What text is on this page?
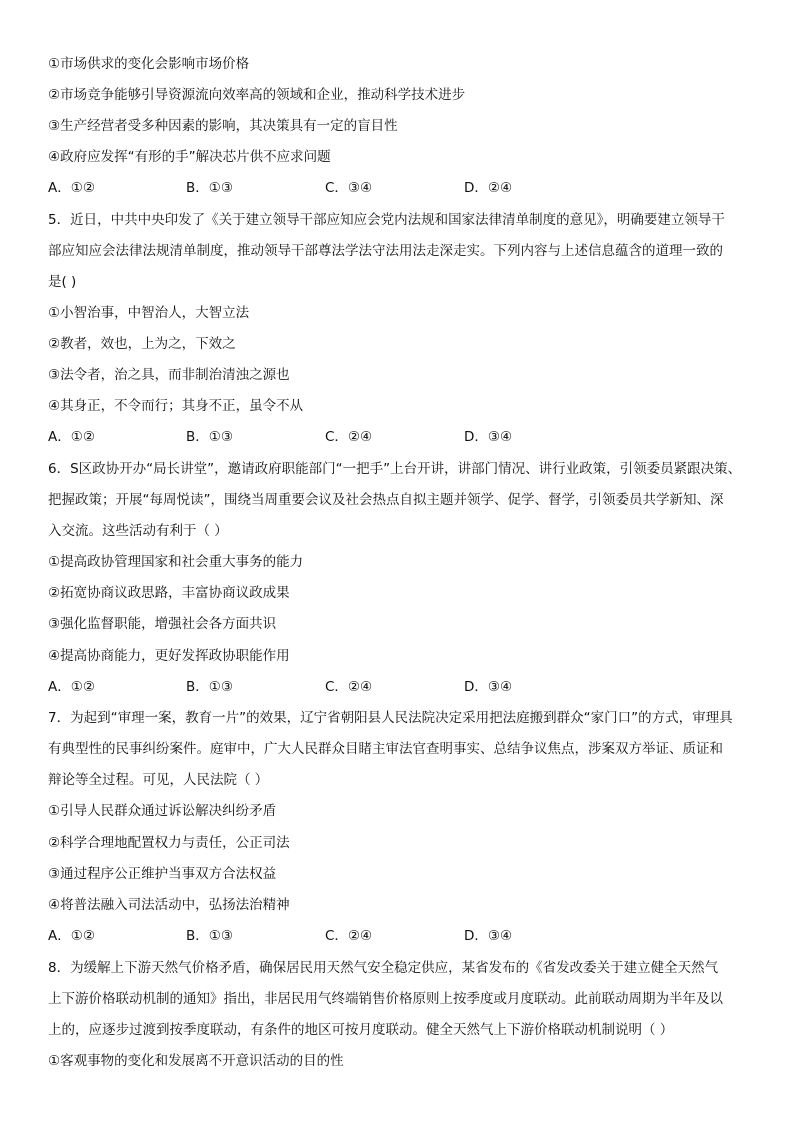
①市场供求的变化会影响市场价格
②市场竞争能够引导资源流向效率高的领域和企业，推动科学技术进步
③生产经营者受多种因素的影响，其决策具有一定的盲目性
④政府应发挥“有形的手”解决芯片供不应求问题
A．①②	B．①③	C．③④	D．②④
5．近日，中共中央印发了《关于建立领导干部应知应会党内法规和国家法律清单制度的意见》，明确要建立领导干
部应知应会法律法规清单制度，推动领导干部尊法学法守法用法走深走实。下列内容与上述信息蕴含的道理一致的
是( )
①小智治事，中智治人，大智立法
②教者，效也，上为之，下效之
③法令者，治之具，而非制治清浊之源也
④其身正，不令而行；其身不正，虽令不从
A．①②	B．①③	C．②④	D．③④
6．S区政协开办“局长讲堂”，邀请政府职能部门“一把手”上台开讲，讲部门情况、讲行业政策，引领委员紧跟决策、
把握政策；开展“每周悦读”，围绕当周重要会议及社会热点自拟主题并领学、促学、督学，引领委员共学新知、深
入交流。这些活动有利于（ ）
①提高政协管理国家和社会重大事务的能力
②拓宽协商议政思路，丰富协商议政成果
③强化监督职能，增强社会各方面共识
④提高协商能力，更好发挥政协职能作用
A．①②	B．①③	C．②④	D．③④
7．为起到“审理一案，教育一片”的效果，辽宁省朝阳县人民法院决定采用把法庭搬到群众“家门口”的方式，审理具
有典型性的民事纠纷案件。庭审中，广大人民群众目睹主审法官查明事实、总结争议焦点，涉案双方举证、质证和
辩论等全过程。可见，人民法院（ ）
①引导人民群众通过诉讼解决纠纷矛盾
②科学合理地配置权力与责任，公正司法
③通过程序公正维护当事双方合法权益
④将普法融入司法活动中，弘扬法治精神
A．①②	B．①③	C．②④	D．③④
8．为缓解上下游天然气价格矛盾，确保居民用天然气安全稳定供应，某省发布的《省发改委关于建立健全天然气
上下游价格联动机制的通知》指出，非居民用气终端销售价格原则上按季度或月度联动。此前联动周期为半年及以
上的，应逐步过渡到按季度联动，有条件的地区可按月度联动。健全天然气上下游价格联动机制说明（ ）
①客观事物的变化和发展离不开意识活动的目的性
